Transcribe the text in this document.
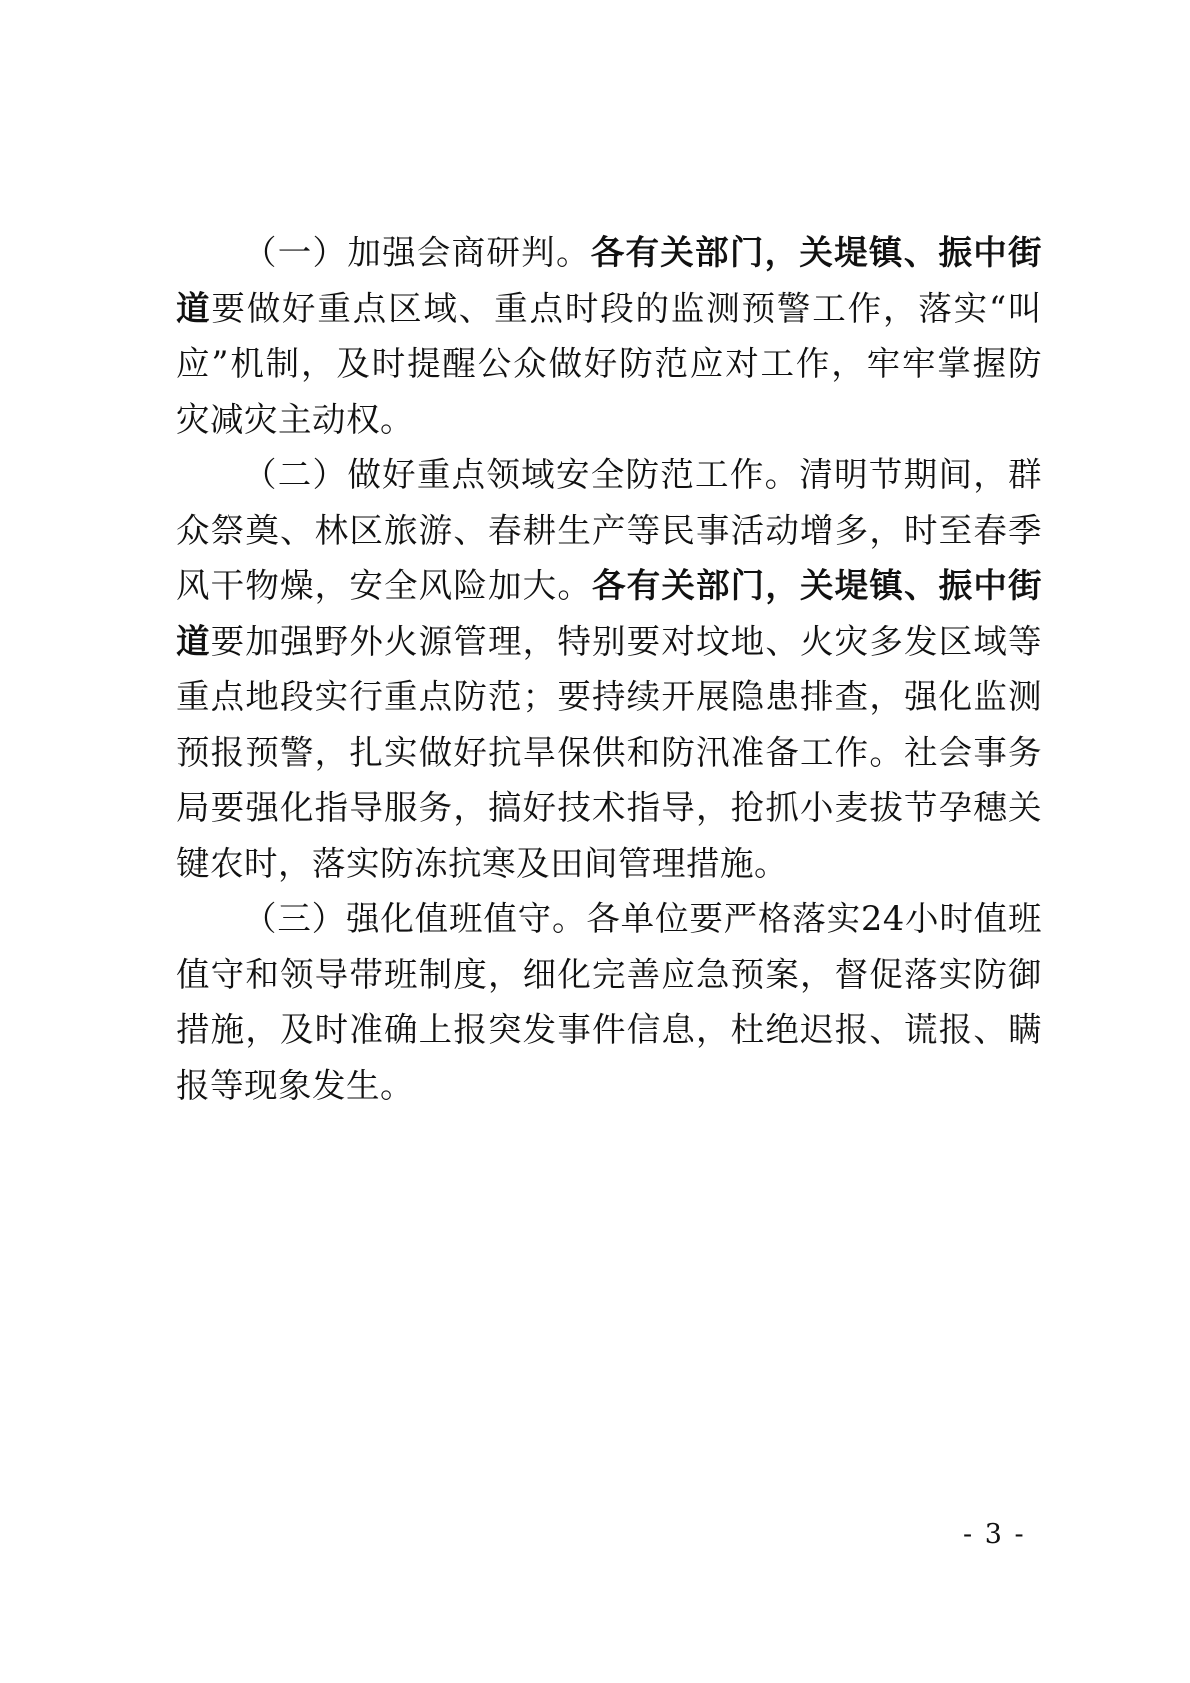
（一）加强会商研判。各有关部门，关堤镇、振中街道要做好重点区域、重点时段的监测预警工作，落实“叫应”机制，及时提醒公众做好防范应对工作，牢牢掌握防灾减灾主动权。

（二）做好重点领域安全防范工作。清明节期间，群众祭奠、林区旅游、春耕生产等民事活动增多，时至春季风干物燥，安全风险加大。各有关部门，关堤镇、振中街道要加强野外火源管理，特别要对坟地、火灾多发区域等重点地段实行重点防范；要持续开展隐患排查，强化监测预报预警，扎实做好抗旱保供和防汛准备工作。社会事务局要强化指导服务，搞好技术指导，抢抓小麦拔节孕穗关键农时，落实防冻抗寒及田间管理措施。

（三）强化值班值守。各单位要严格落实24小时值班值守和领导带班制度，细化完善应急预案，督促落实防御措施，及时准确上报突发事件信息，杜绝迟报、谎报、瞒报等现象发生。

- 3 -
